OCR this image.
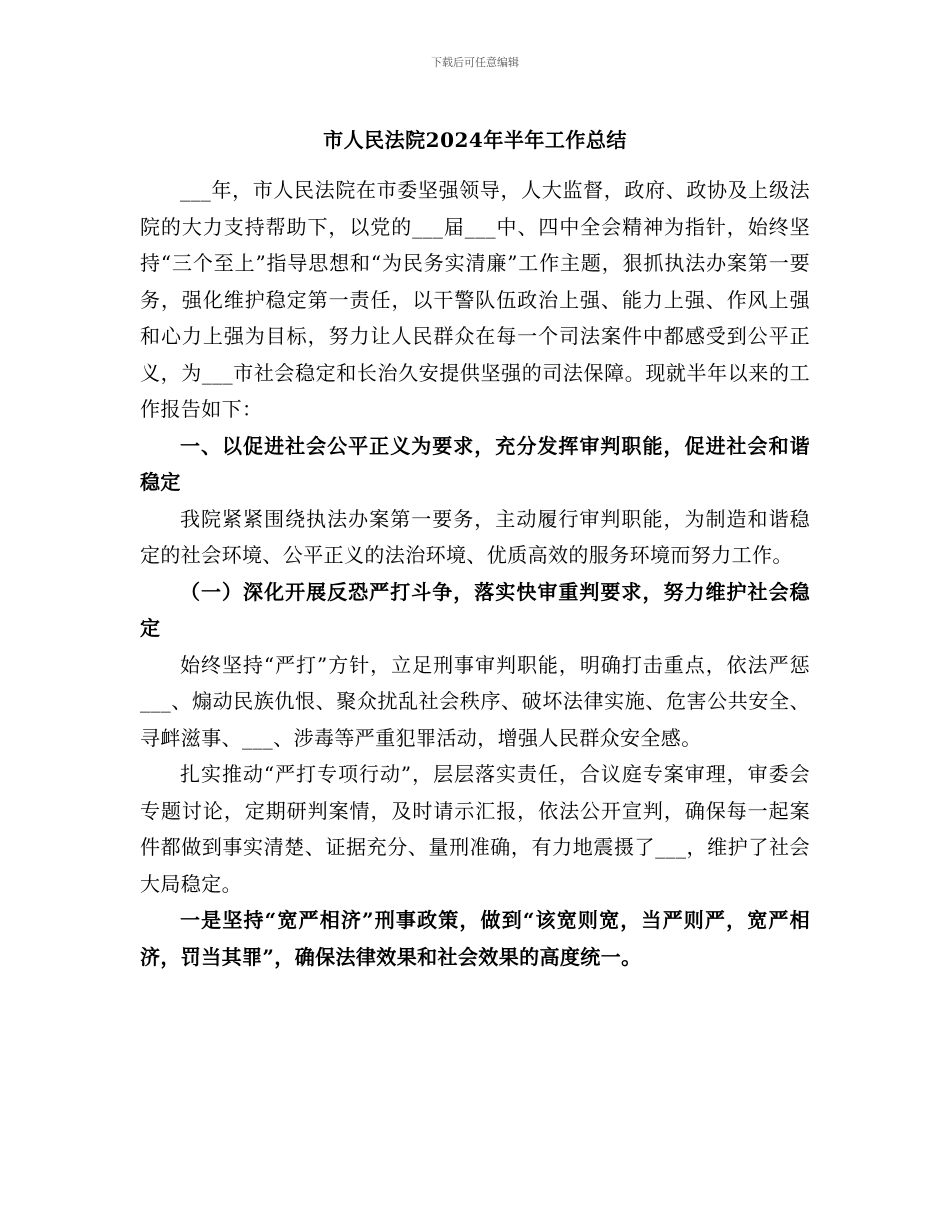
下载后可任意编辑
市人民法院2024年半年工作总结

___年，市人民法院在市委坚强领导，人大监督，政府、政协及上级法院的大力支持帮助下，以党的___届___中、四中全会精神为指针，始终坚持“三个至上”指导思想和“为民务实清廉”工作主题，狠抓执法办案第一要务，强化维护稳定第一责任，以干警队伍政治上强、能力上强、作风上强和心力上强为目标，努力让人民群众在每一个司法案件中都感受到公平正义，为___市社会稳定和长治久安提供坚强的司法保障。现就半年以来的工作报告如下：

一、以促进社会公平正义为要求，充分发挥审判职能，促进社会和谐稳定

我院紧紧围绕执法办案第一要务，主动履行审判职能，为制造和谐稳定的社会环境、公平正义的法治环境、优质高效的服务环境而努力工作。

（一）深化开展反恐严打斗争，落实快审重判要求，努力维护社会稳定

始终坚持“严打”方针，立足刑事审判职能，明确打击重点，依法严惩___、煽动民族仇恨、聚众扰乱社会秩序、破坏法律实施、危害公共安全、寻衅滋事、___、涉毒等严重犯罪活动，增强人民群众安全感。

扎实推动“严打专项行动”，层层落实责任，合议庭专案审理，审委会专题讨论，定期研判案情，及时请示汇报，依法公开宣判，确保每一起案件都做到事实清楚、证据充分、量刑准确，有力地震摄了___，维护了社会大局稳定。

一是坚持“宽严相济”刑事政策，做到“该宽则宽，当严则严，宽严相济，罚当其罪”，确保法律效果和社会效果的高度统一。
